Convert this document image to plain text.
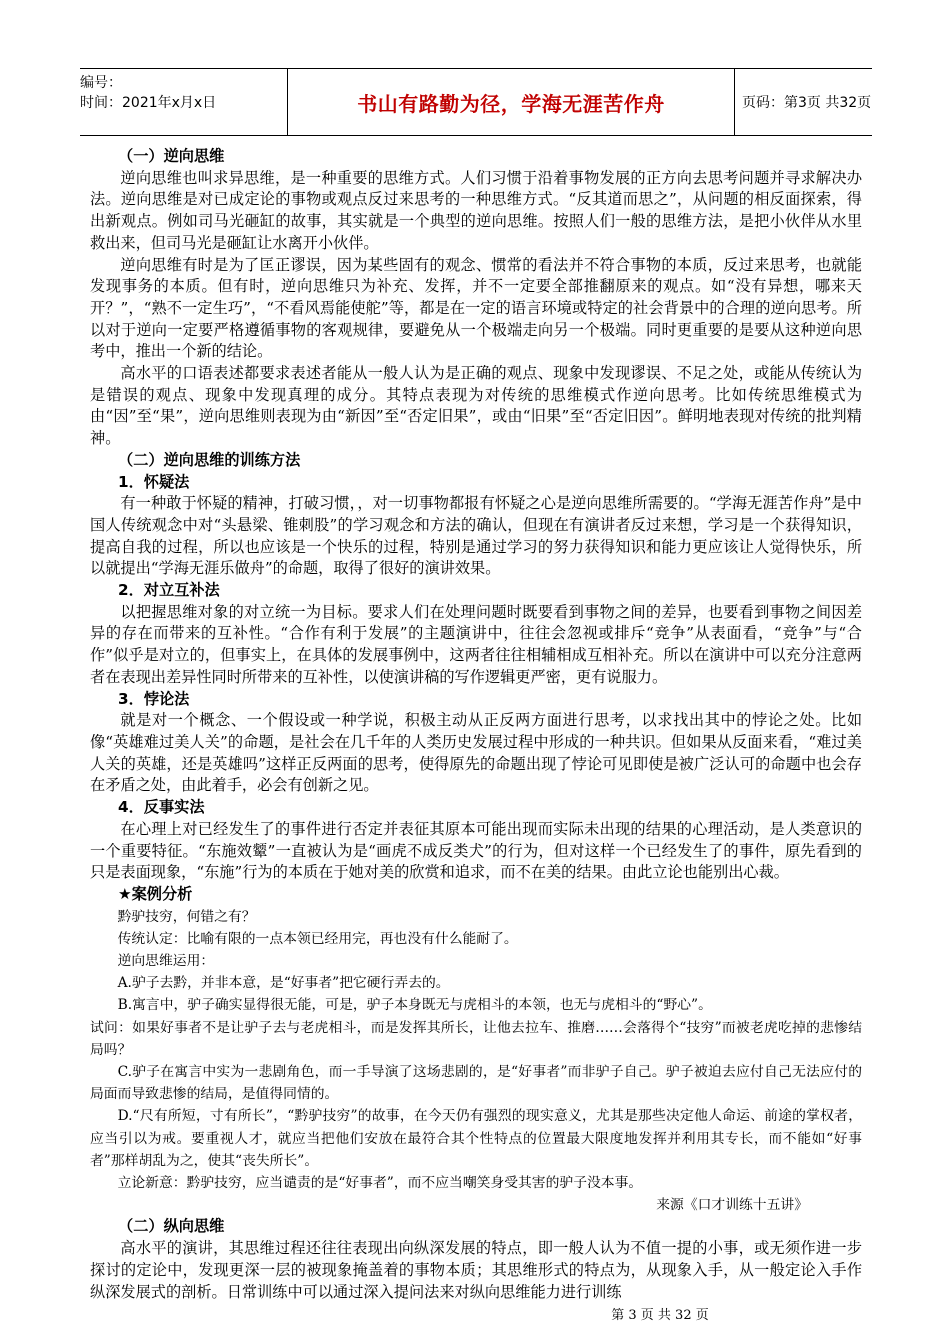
编号：
时间：2021年x月x日	书山有路勤为径，学海无涯苦作舟	页码：第3页 共32页

（一）逆向思维

逆向思维也叫求异思维，是一种重要的思维方式。人们习惯于沿着事物发展的正方向去思考问题并寻求解决办法。逆向思维是对已成定论的事物或观点反过来思考的一种思维方式。“反其道而思之”，从问题的相反面探索，得出新观点。例如司马光砸缸的故事，其实就是一个典型的逆向思维。按照人们一般的思维方法，是把小伙伴从水里救出来，但司马光是砸缸让水离开小伙伴。

逆向思维有时是为了匡正谬误，因为某些固有的观念、惯常的看法并不符合事物的本质，反过来思考，也就能发现事务的本质。但有时，逆向思维只为补充、发挥，并不一定要全部推翻原来的观点。如“没有异想，哪来天开？”，“熟不一定生巧”，“不看风焉能使舵”等，都是在一定的语言环境或特定的社会背景中的合理的逆向思考。所以对于逆向一定要严格遵循事物的客观规律，要避免从一个极端走向另一个极端。同时更重要的是要从这种逆向思考中，推出一个新的结论。

高水平的口语表述都要求表述者能从一般人认为是正确的观点、现象中发现谬误、不足之处，或能从传统认为是错误的观点、现象中发现真理的成分。其特点表现为对传统的思维模式作逆向思考。比如传统思维模式为由“因”至“果”，逆向思维则表现为由“新因”至“否定旧果”，或由“旧果”至“否定旧因”。鲜明地表现对传统的批判精神。

（二）逆向思维的训练方法

1．怀疑法

有一种敢于怀疑的精神，打破习惯，，对一切事物都报有怀疑之心是逆向思维所需要的。“学海无涯苦作舟”是中国人传统观念中对“头悬梁、锥刺股”的学习观念和方法的确认，但现在有演讲者反过来想，学习是一个获得知识，提高自我的过程，所以也应该是一个快乐的过程，特别是通过学习的努力获得知识和能力更应该让人觉得快乐，所以就提出“学海无涯乐做舟”的命题，取得了很好的演讲效果。

2．对立互补法

以把握思维对象的对立统一为目标。要求人们在处理问题时既要看到事物之间的差异，也要看到事物之间因差异的存在而带来的互补性。“合作有利于发展”的主题演讲中，往往会忽视或排斥“竞争”从表面看，“竞争”与“合作”似乎是对立的，但事实上，在具体的发展事例中，这两者往往相辅相成互相补充。所以在演讲中可以充分注意两者在表现出差异性同时所带来的互补性，以使演讲稿的写作逻辑更严密，更有说服力。

3．悖论法

就是对一个概念、一个假设或一种学说，积极主动从正反两方面进行思考，以求找出其中的悖论之处。比如像“英雄难过美人关”的命题，是社会在几千年的人类历史发展过程中形成的一种共识。但如果从反面来看，“难过美人关的英雄，还是英雄吗”这样正反两面的思考，使得原先的命题出现了悖论可见即使是被广泛认可的命题中也会存在矛盾之处，由此着手，必会有创新之见。

4．反事实法

在心理上对已经发生了的事件进行否定并表征其原本可能出现而实际未出现的结果的心理活动，是人类意识的一个重要特征。“东施效颦”一直被认为是“画虎不成反类犬”的行为，但对这样一个已经发生了的事件，原先看到的只是表面现象，“东施”行为的本质在于她对美的欣赏和追求，而不在美的结果。由此立论也能别出心裁。

★案例分析

黔驴技穷，何错之有？

传统认定：比喻有限的一点本领已经用完，再也没有什么能耐了。

逆向思维运用：

A.驴子去黔，并非本意，是“好事者”把它硬行弄去的。

B.寓言中，驴子确实显得很无能，可是，驴子本身既无与虎相斗的本领，也无与虎相斗的“野心”。

试问：如果好事者不是让驴子去与老虎相斗，而是发挥其所长，让他去拉车、推磨……会落得个“技穷”而被老虎吃掉的悲惨结局吗？

C.驴子在寓言中实为一悲剧角色，而一手导演了这场悲剧的，是“好事者”而非驴子自己。驴子被迫去应付自己无法应付的局面而导致悲惨的结局，是值得同情的。

D.“尺有所短，寸有所长”，“黔驴技穷”的故事，在今天仍有强烈的现实意义，尤其是那些决定他人命运、前途的掌权者，应当引以为戒。要重视人才，就应当把他们安放在最符合其个性特点的位置最大限度地发挥并利用其专长，而不能如“好事者”那样胡乱为之，使其“丧失所长”。

立论新意：黔驴技穷，应当谴责的是“好事者”，而不应当嘲笑身受其害的驴子没本事。

来源《口才训练十五讲》

（二）纵向思维

高水平的演讲，其思维过程还往往表现出向纵深发展的特点，即一般人认为不值一提的小事，或无须作进一步探讨的定论中，发现更深一层的被现象掩盖着的事物本质；其思维形式的特点为，从现象入手，从一般定论入手作纵深发展式的剖析。日常训练中可以通过深入提问法来对纵向思维能力进行训练

第 3 页 共 32 页
